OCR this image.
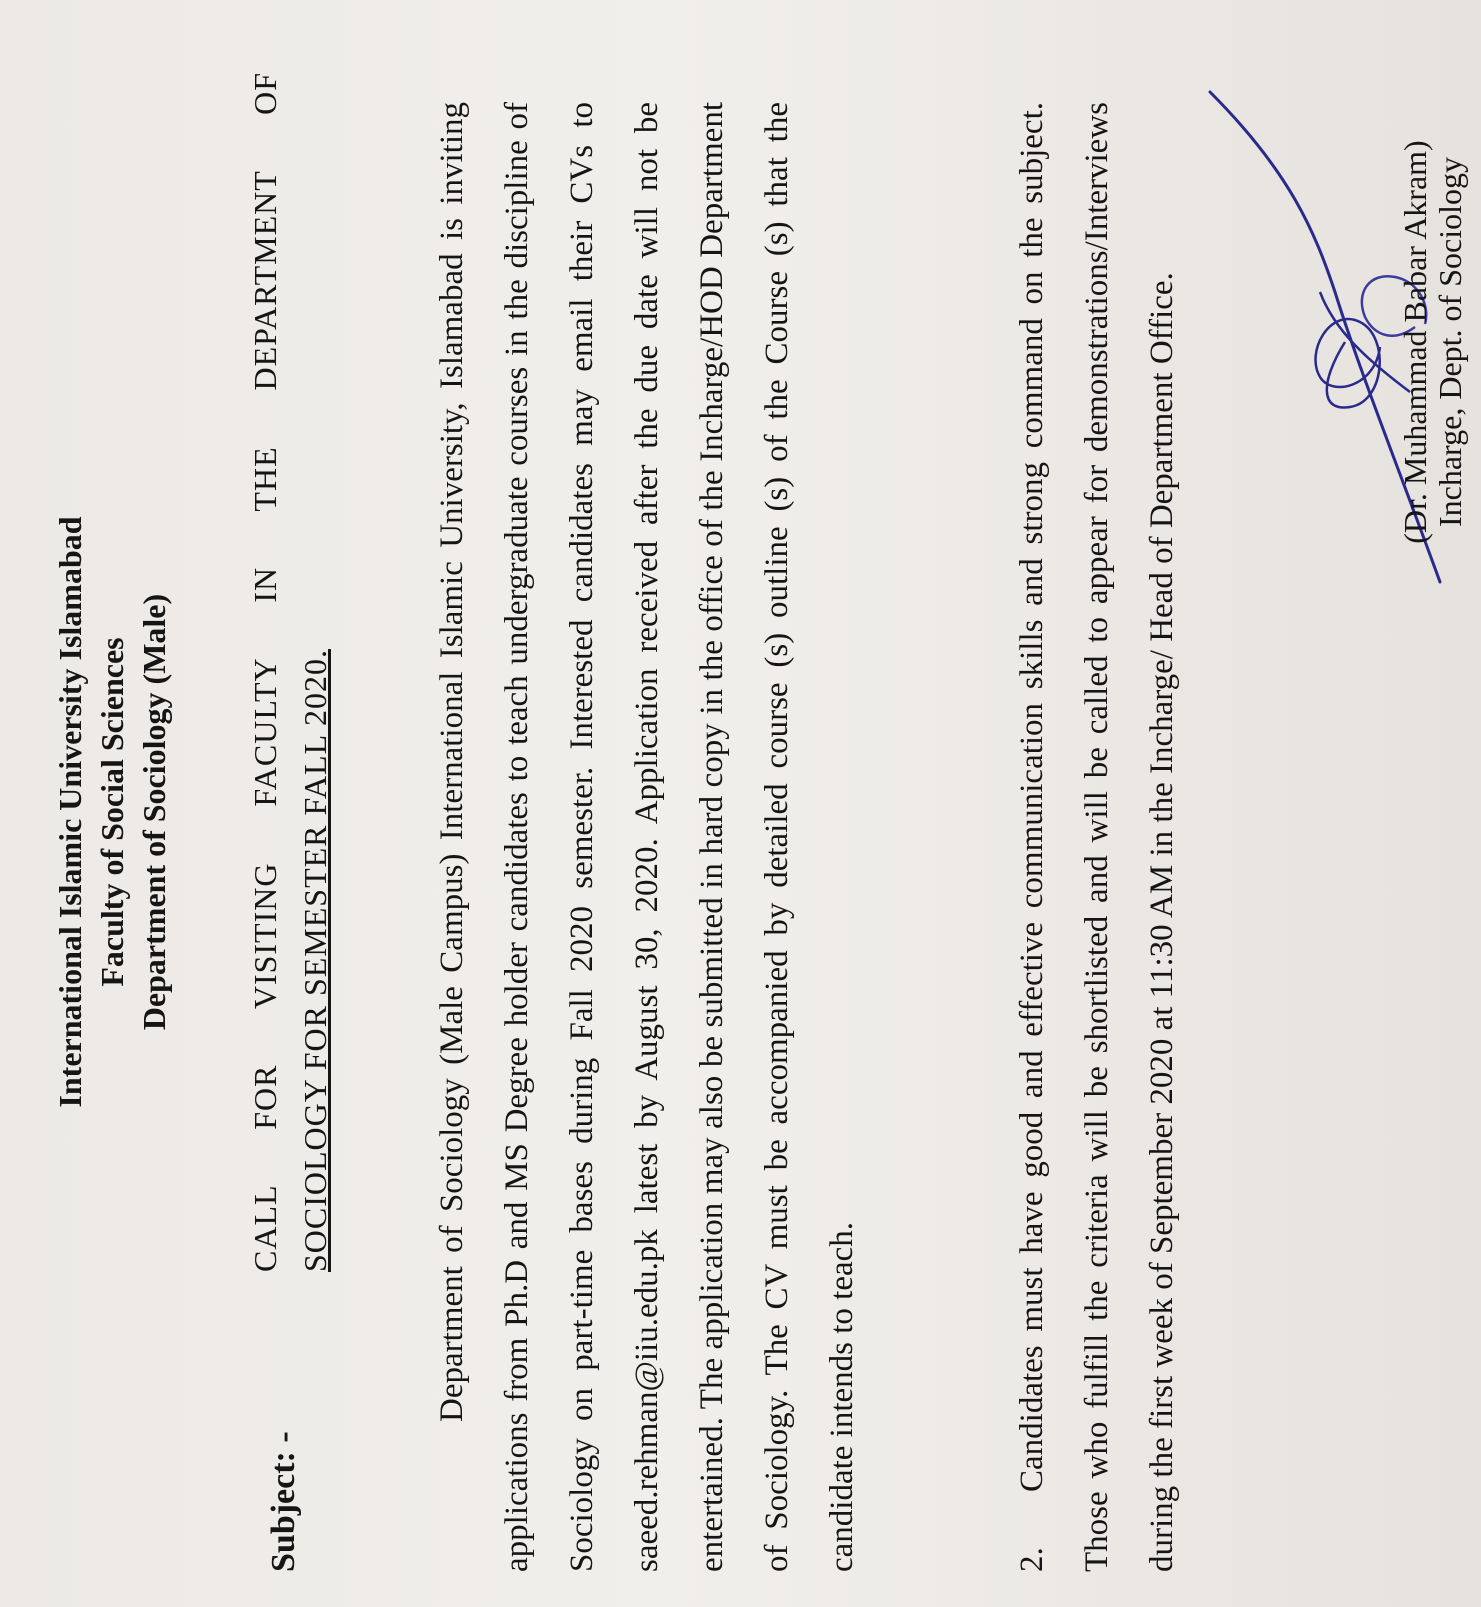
International Islamic University Islamabad Faculty of Social Sciences Department of Sociology (Male)
Subject: -
CALL FOR VISITING FACULTY IN THE DEPARTMENT OF SOCIOLOGY FOR SEMESTER FALL 2020.	Department of Sociology (Male Campus) International Islamic University, Islamabad is inviting applications from Ph.D and MS Degree holder candidates to teach undergraduate courses in the discipline of Sociology on part-time bases during Fall 2020 semester. Interested candidates may email their CVs to saeed.rehman@iiu.edu.pk latest by August 30, 2020. Application received after the due date will not be entertained. The application may also be submitted in hard copy in the office of the Incharge/HOD Department of Sociology. The CV must be accompanied by detailed course (s) outline (s) of the Course (s) that the candidate intends to teach.	2.Candidates must have good and effective communication skills and strong command on the subject. Those who fulfill the criteria will be shortlisted and will be called to appear for demonstrations/Interviews during the first week of September 2020 at 11:30 AM in the Incharge/ Head of Department Office.	(Dr. Muhammad Babar Akram) Incharge, Dept. of Sociology
